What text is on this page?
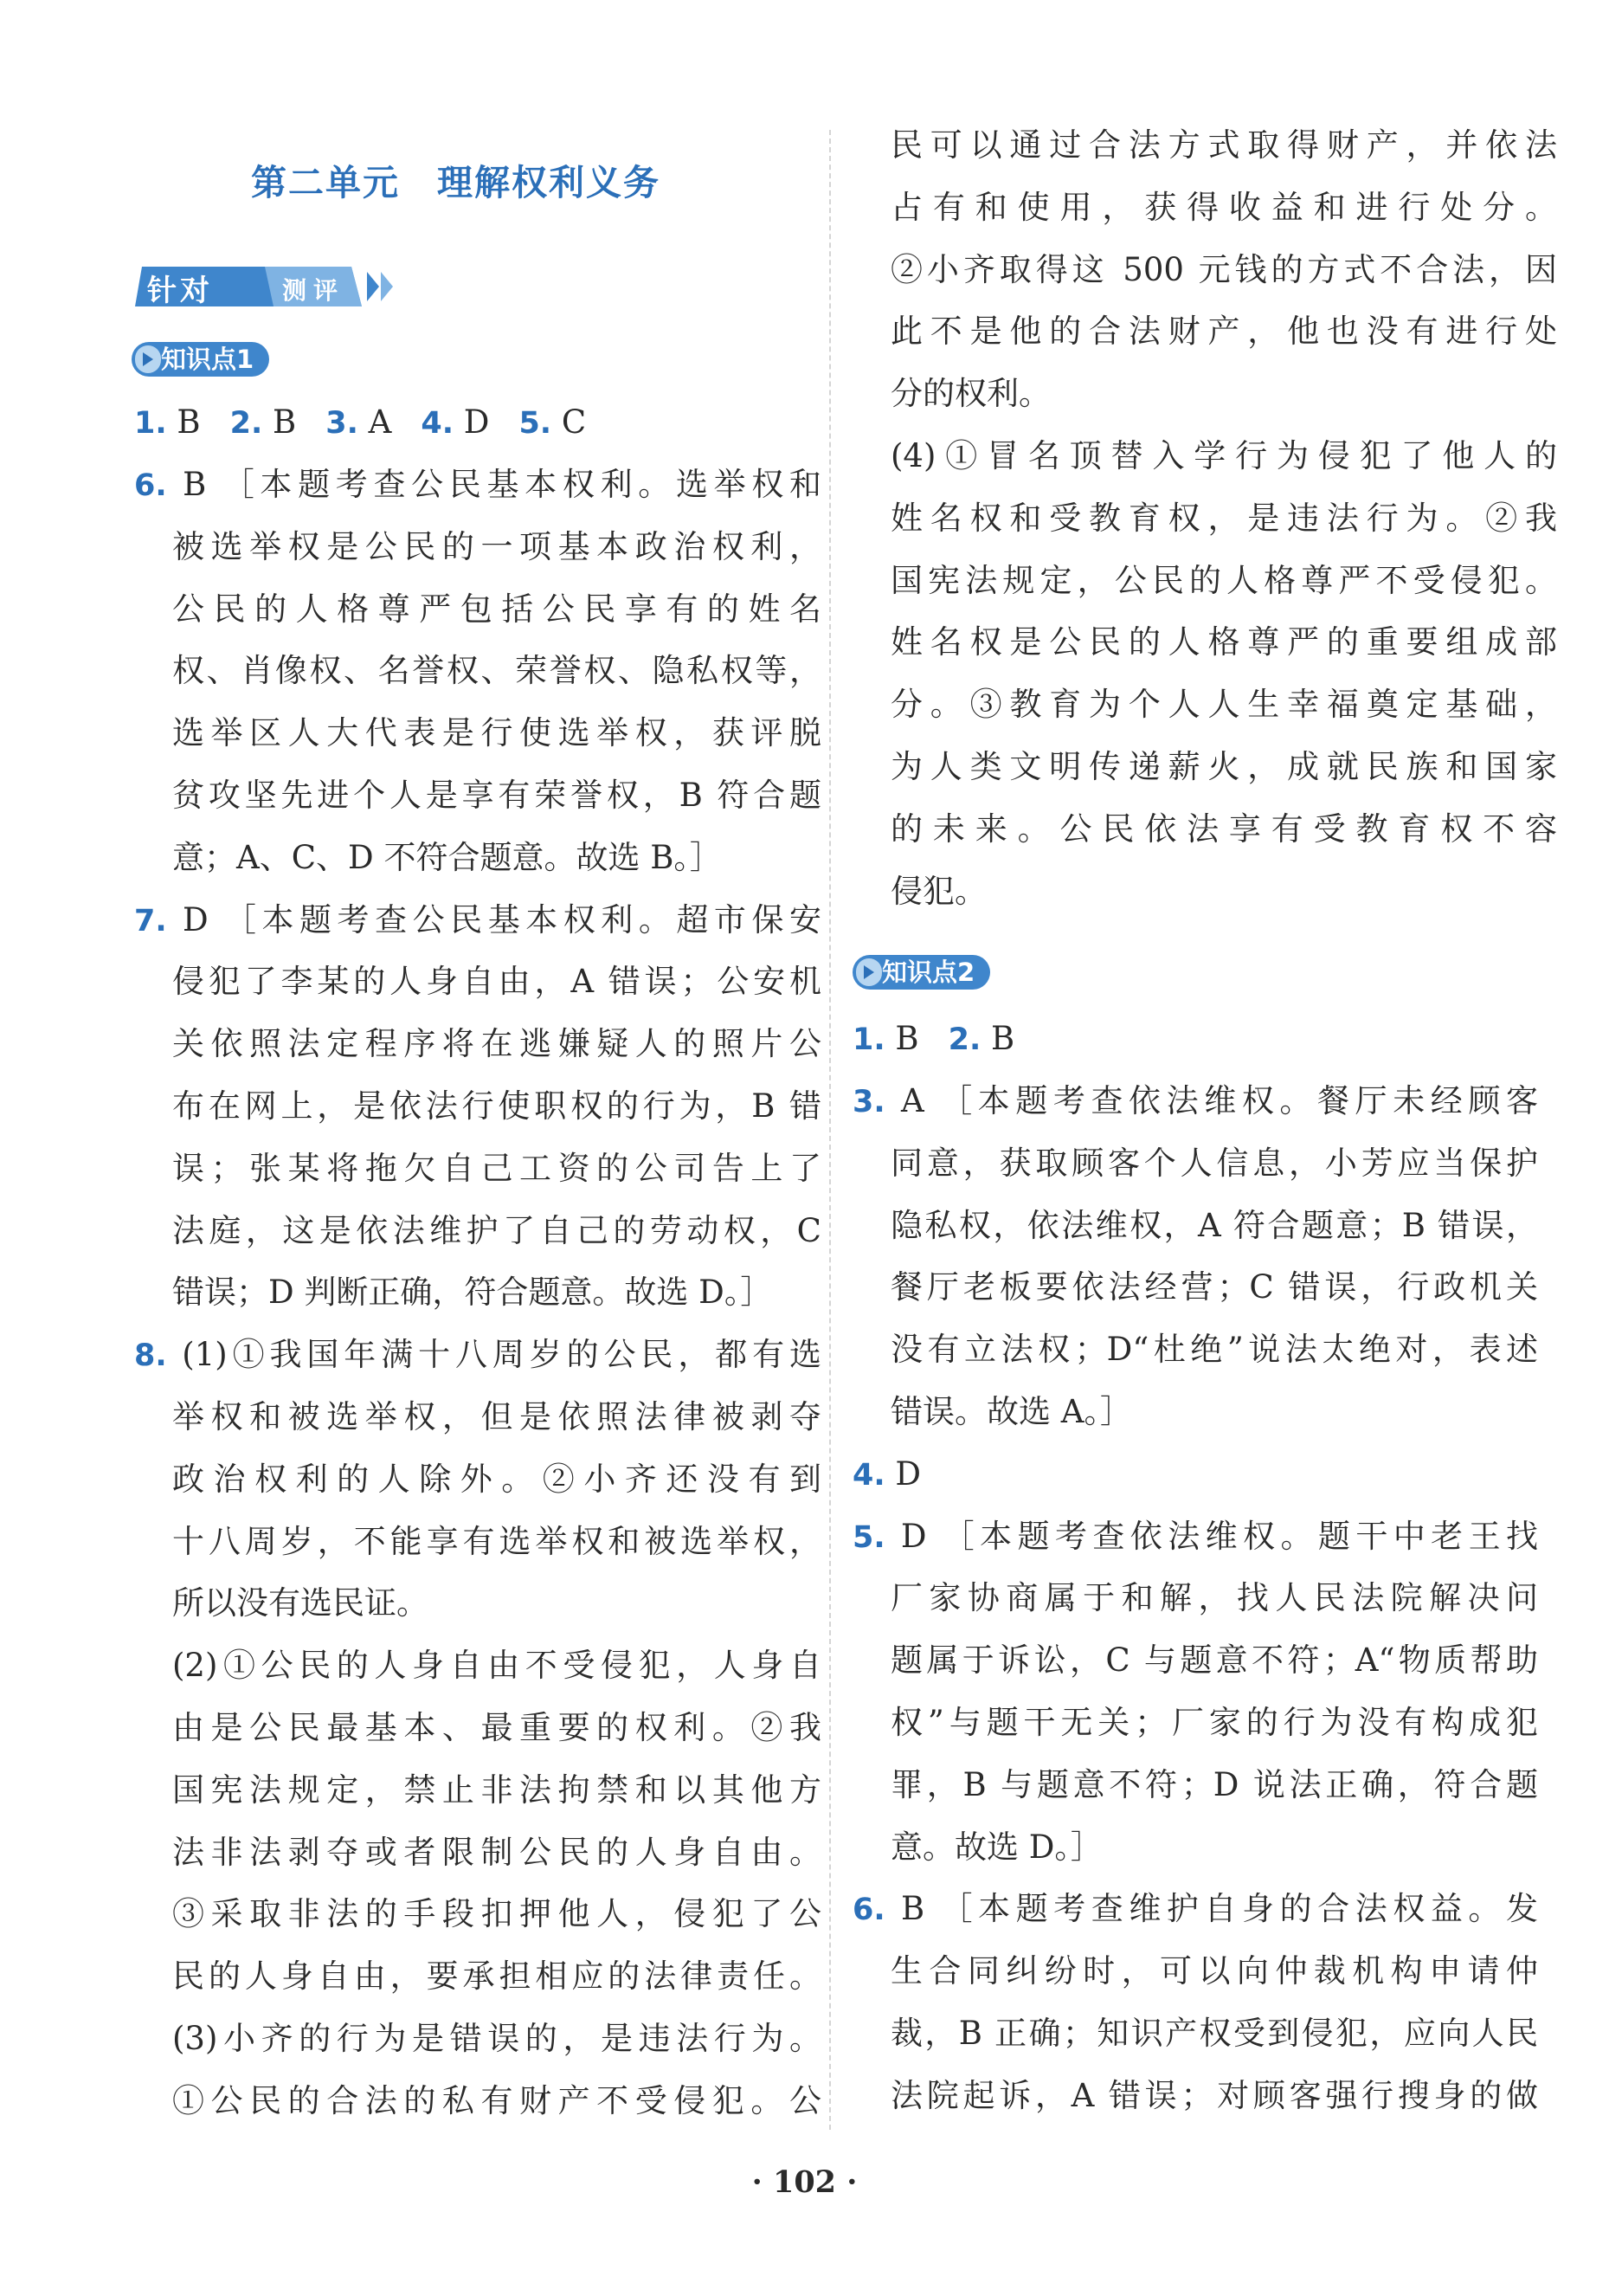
第二单元　理解权利义务
针对	测评
知识点1
1. B 2. B 3. A 4. D 5. C
6. B ［本题考查公民基本权利。选举权和
被选举权是公民的一项基本政治权利，
公民的人格尊严包括公民享有的姓名
权、肖像权、名誉权、荣誉权、隐私权等，
选举区人大代表是行使选举权，获评脱
贫攻坚先进个人是享有荣誉权，B 符合题
意；A、C、D 不符合题意。故选 B。］
7. D ［本题考查公民基本权利。超市保安
侵犯了李某的人身自由，A 错误；公安机
关依照法定程序将在逃嫌疑人的照片公
布在网上，是依法行使职权的行为，B 错
误；张某将拖欠自己工资的公司告上了
法庭，这是依法维护了自己的劳动权，C
错误；D 判断正确，符合题意。故选 D。］
8. (1)①我国年满十八周岁的公民，都有选
举权和被选举权，但是依照法律被剥夺
政治权利的人除外。②小齐还没有到
十八周岁，不能享有选举权和被选举权，
所以没有选民证。
(2)①公民的人身自由不受侵犯，人身自
由是公民最基本、最重要的权利。②我
国宪法规定，禁止非法拘禁和以其他方
法非法剥夺或者限制公民的人身自由。
③采取非法的手段扣押他人，侵犯了公
民的人身自由，要承担相应的法律责任。
(3)小齐的行为是错误的，是违法行为。
①公民的合法的私有财产不受侵犯。公
民可以通过合法方式取得财产，并依法
占有和使用，获得收益和进行处分。
②小齐取得这 500 元钱的方式不合法，因
此不是他的合法财产，他也没有进行处
分的权利。
(4)①冒名顶替入学行为侵犯了他人的
姓名权和受教育权，是违法行为。②我
国宪法规定，公民的人格尊严不受侵犯。
姓名权是公民的人格尊严的重要组成部
分。③教育为个人人生幸福奠定基础，
为人类文明传递薪火，成就民族和国家
的未来。公民依法享有受教育权不容
侵犯。
知识点2
1. B 2. B
3. A ［本题考查依法维权。餐厅未经顾客
同意，获取顾客个人信息，小芳应当保护
隐私权，依法维权，A 符合题意；B 错误，
餐厅老板要依法经营；C 错误，行政机关
没有立法权；D“杜绝”说法太绝对，表述
错误。故选 A。］
4. D
5. D ［本题考查依法维权。题干中老王找
厂家协商属于和解，找人民法院解决问
题属于诉讼，C 与题意不符；A“物质帮助
权”与题干无关；厂家的行为没有构成犯
罪，B 与题意不符；D 说法正确，符合题
意。故选 D。］
6. B ［本题考查维护自身的合法权益。发
生合同纠纷时，可以向仲裁机构申请仲
裁，B 正确；知识产权受到侵犯，应向人民
法院起诉，A 错误；对顾客强行搜身的做
· 102 ·
